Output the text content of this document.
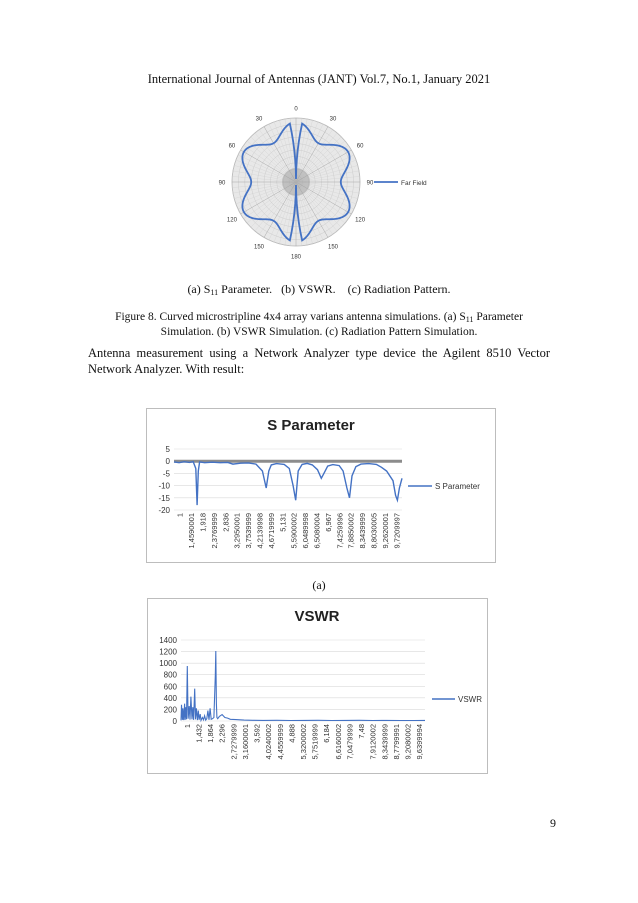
International Journal of Antennas (JANT) Vol.7, No.1, January 2021
0
30
60
90
120
150
180
150
120
90
60
30
Far Field
(a) $S_{11}$ Parameter. (b) VSWR. (c) Radiation Pattern.
Figure 8. Curved microstripline 4x4 array varians antenna simulations. (a) $S_{11}$ Parameter Simulation. (b) VSWR Simulation. (c) Radiation Pattern Simulation.
Antenna measurement using a Network Analyzer type device the Agilent 8510 Vector Network Analyzer. With result:
S Parameter
5
0
-5
-10
-15
-20
1 1,4590001 1,918 2,3769999 2,836 3,2950001 3,7539999 4,2139998 4,6719999 5,131 5,5900002 6,0489998 6,5080004 6,967 7,4259996 7,8850002 8,3439999 8,8030005 9,2620001 9,7209997
S Parameter
(a)
VSWR
1400
1200
1000
800
600
400
200
0
1 1,432 1,864 2,296 2,7279999 3,1600001 3,592 4,0240002 4,4559999 4,888 5,3200002 5,7519999 6,184 6,6160002 7,0479999 7,48 7,9120002 8,3439999 8,7799991 9,2080002 9,6399994
VSWR
9
